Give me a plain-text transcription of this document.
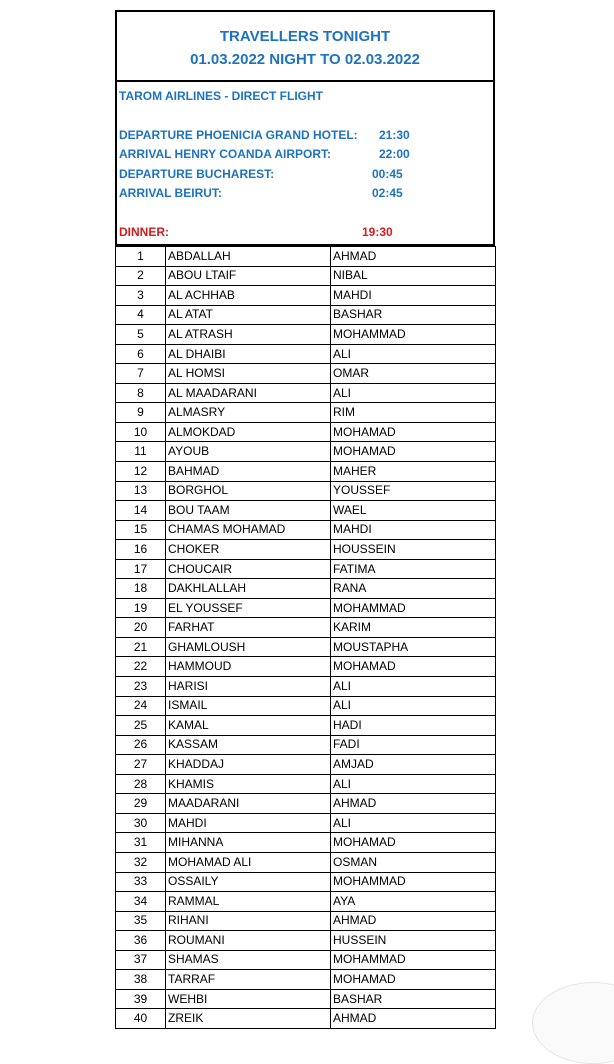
TRAVELLERS TONIGHT
01.03.2022 NIGHT TO 02.03.2022
TAROM AIRLINES - DIRECT FLIGHT
DEPARTURE PHOENICIA GRAND HOTEL: 21:30
ARRIVAL HENRY COANDA AIRPORT:	22:00
DEPARTURE BUCHAREST:	00:45
ARRIVAL BEIRUT:	02:45
DINNER:	19:30
1	ABDALLAH	AHMAD
2	ABOU LTAIF	NIBAL
3	AL ACHHAB	MAHDI
4	AL ATAT	BASHAR
5	AL ATRASH	MOHAMMAD
6	AL DHAIBI	ALI
7	AL HOMSI	OMAR
8	AL MAADARANI	ALI
9	ALMASRY	RIM
10	ALMOKDAD	MOHAMAD
11	AYOUB	MOHAMAD
12	BAHMAD	MAHER
13	BORGHOL	YOUSSEF
14	BOU TAAM	WAEL
15	CHAMAS MOHAMAD	MAHDI
16	CHOKER	HOUSSEIN
17	CHOUCAIR	FATIMA
18	DAKHLALLAH	RANA
19	EL YOUSSEF	MOHAMMAD
20	FARHAT	KARIM
21	GHAMLOUSH	MOUSTAPHA
22	HAMMOUD	MOHAMAD
23	HARISI	ALI
24	ISMAIL	ALI
25	KAMAL	HADI
26	KASSAM	FADI
27	KHADDAJ	AMJAD
28	KHAMIS	ALI
29	MAADARANI	AHMAD
30	MAHDI	ALI
31	MIHANNA	MOHAMAD
32	MOHAMAD ALI	OSMAN
33	OSSAILY	MOHAMMAD
34	RAMMAL	AYA
35	RIHANI	AHMAD
36	ROUMANI	HUSSEIN
37	SHAMAS	MOHAMMAD
38	TARRAF	MOHAMAD
39	WEHBI	BASHAR
40	ZREIK	AHMAD
